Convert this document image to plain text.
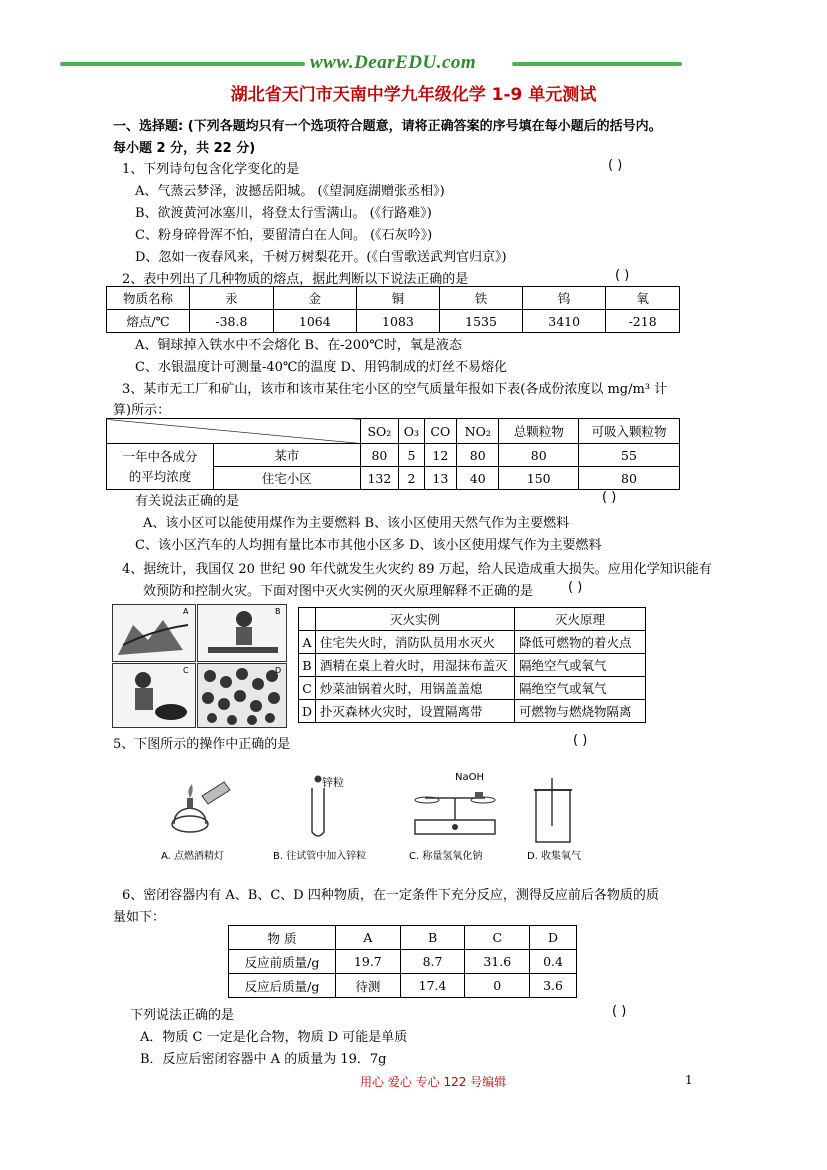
www.DearEDU.com
湖北省天门市天南中学九年级化学 1-9 单元测试
一、选择题: (下列各题均只有一个选项符合题意，请将正确答案的序号填在每小题后的括号内。
每小题 2 分，共 22 分)
1、下列诗句包含化学变化的是	( )
A、气蒸云梦泽，波撼岳阳城。 (《望洞庭湖赠张丞相》)
B、欲渡黄河冰塞川，将登太行雪满山。 (《行路难》)
C、粉身碎骨浑不怕，要留清白在人间。 (《石灰吟》)
D、忽如一夜春风来，千树万树梨花开。(《白雪歌送武判官归京》)
2、表中列出了几种物质的熔点，据此判断以下说法正确的是	( )
物质名称	汞	金	铜	铁	钨	氧
熔点/℃	-38.8	1064	1083	1535	3410	-218
A、铜球掉入铁水中不会熔化 B、在-200℃时，氧是液态
C、水银温度计可测量-40℃的温度 D、用钨制成的灯丝不易熔化
3、某市无工厂和矿山，该市和该市某住宅小区的空气质量年报如下表(各成份浓度以 mg/m³ 计
算)所示：
		SO₂	O₃	CO	NO₂	总颗粒物	可吸入颗粒物
一年中各成分
的平均浓度	某市	80	5	12	80	80	55
	住宅小区	132	2	13	40	150	80
有关说法正确的是	( )
A、该小区可以能使用煤作为主要燃料 B、该小区使用天然气作为主要燃料
C、该小区汽车的人均拥有量比本市其他小区多 D、该小区使用煤气作为主要燃料
4、据统计，我国仅 20 世纪 90 年代就发生火灾约 89 万起，给人民造成重大损失。应用化学知识能有
效预防和控制火灾。下面对图中灭火实例的灭火原理解释不正确的是	( )
A	B
C	D
	灭火实例	灭火原理
A	住宅失火时，消防队员用水灭火	降低可燃物的着火点
B	酒精在桌上着火时，用湿抹布盖灭	隔绝空气或氧气
C	炒菜油锅着火时，用锅盖盖熄	隔绝空气或氧气
D	扑灭森林火灾时，设置隔离带	可燃物与燃烧物隔离
5、下图所示的操作中正确的是	( )
A. 点燃酒精灯
锌粒
B. 往试管中加入锌粒
NaOH
C. 称量氢氧化钠	D. 收集氧气
6、密闭容器内有 A、B、C、D 四种物质，在一定条件下充分反应，测得反应前后各物质的质
量如下：
物 质	A	B	C	D
反应前质量/g	19.7	8.7	31.6	0.4
反应后质量/g	待测	17.4	0	3.6
下列说法正确的是	( )
A．物质 C 一定是化合物，物质 D 可能是单质
B．反应后密闭容器中 A 的质量为 19．7g
用心 爱心 专心 122 号编辑	1
